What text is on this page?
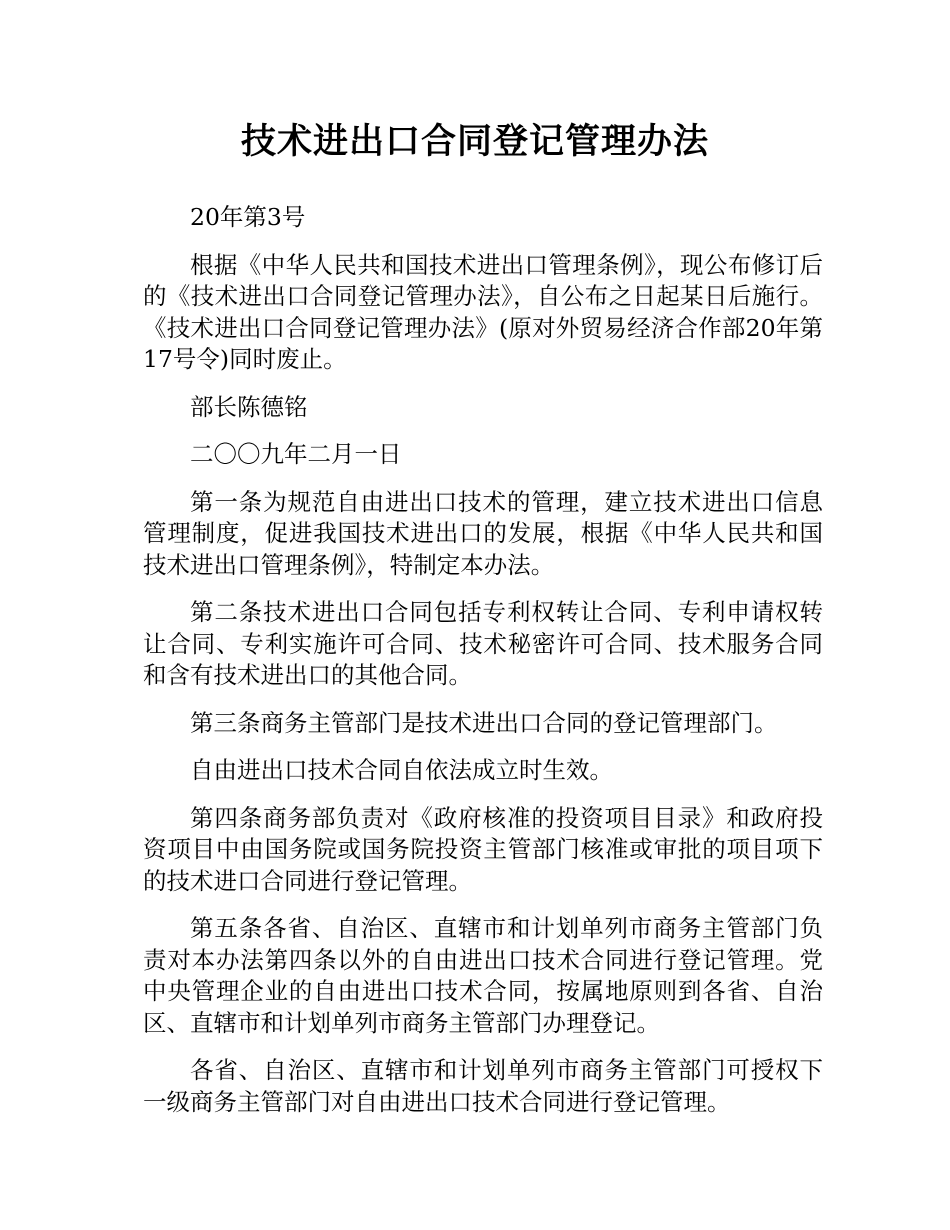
技术进出口合同登记管理办法

20年第3号

根据《中华人民共和国技术进出口管理条例》，现公布修订后的《技术进出口合同登记管理办法》，自公布之日起某日后施行。《技术进出口合同登记管理办法》(原对外贸易经济合作部20年第17号令)同时废止。

部长陈德铭

二〇〇九年二月一日

第一条为规范自由进出口技术的管理，建立技术进出口信息管理制度，促进我国技术进出口的发展，根据《中华人民共和国技术进出口管理条例》，特制定本办法。

第二条技术进出口合同包括专利权转让合同、专利申请权转让合同、专利实施许可合同、技术秘密许可合同、技术服务合同和含有技术进出口的其他合同。

第三条商务主管部门是技术进出口合同的登记管理部门。

自由进出口技术合同自依法成立时生效。

第四条商务部负责对《政府核准的投资项目目录》和政府投资项目中由国务院或国务院投资主管部门核准或审批的项目项下的技术进口合同进行登记管理。

第五条各省、自治区、直辖市和计划单列市商务主管部门负责对本办法第四条以外的自由进出口技术合同进行登记管理。党中央管理企业的自由进出口技术合同，按属地原则到各省、自治区、直辖市和计划单列市商务主管部门办理登记。

各省、自治区、直辖市和计划单列市商务主管部门可授权下一级商务主管部门对自由进出口技术合同进行登记管理。
